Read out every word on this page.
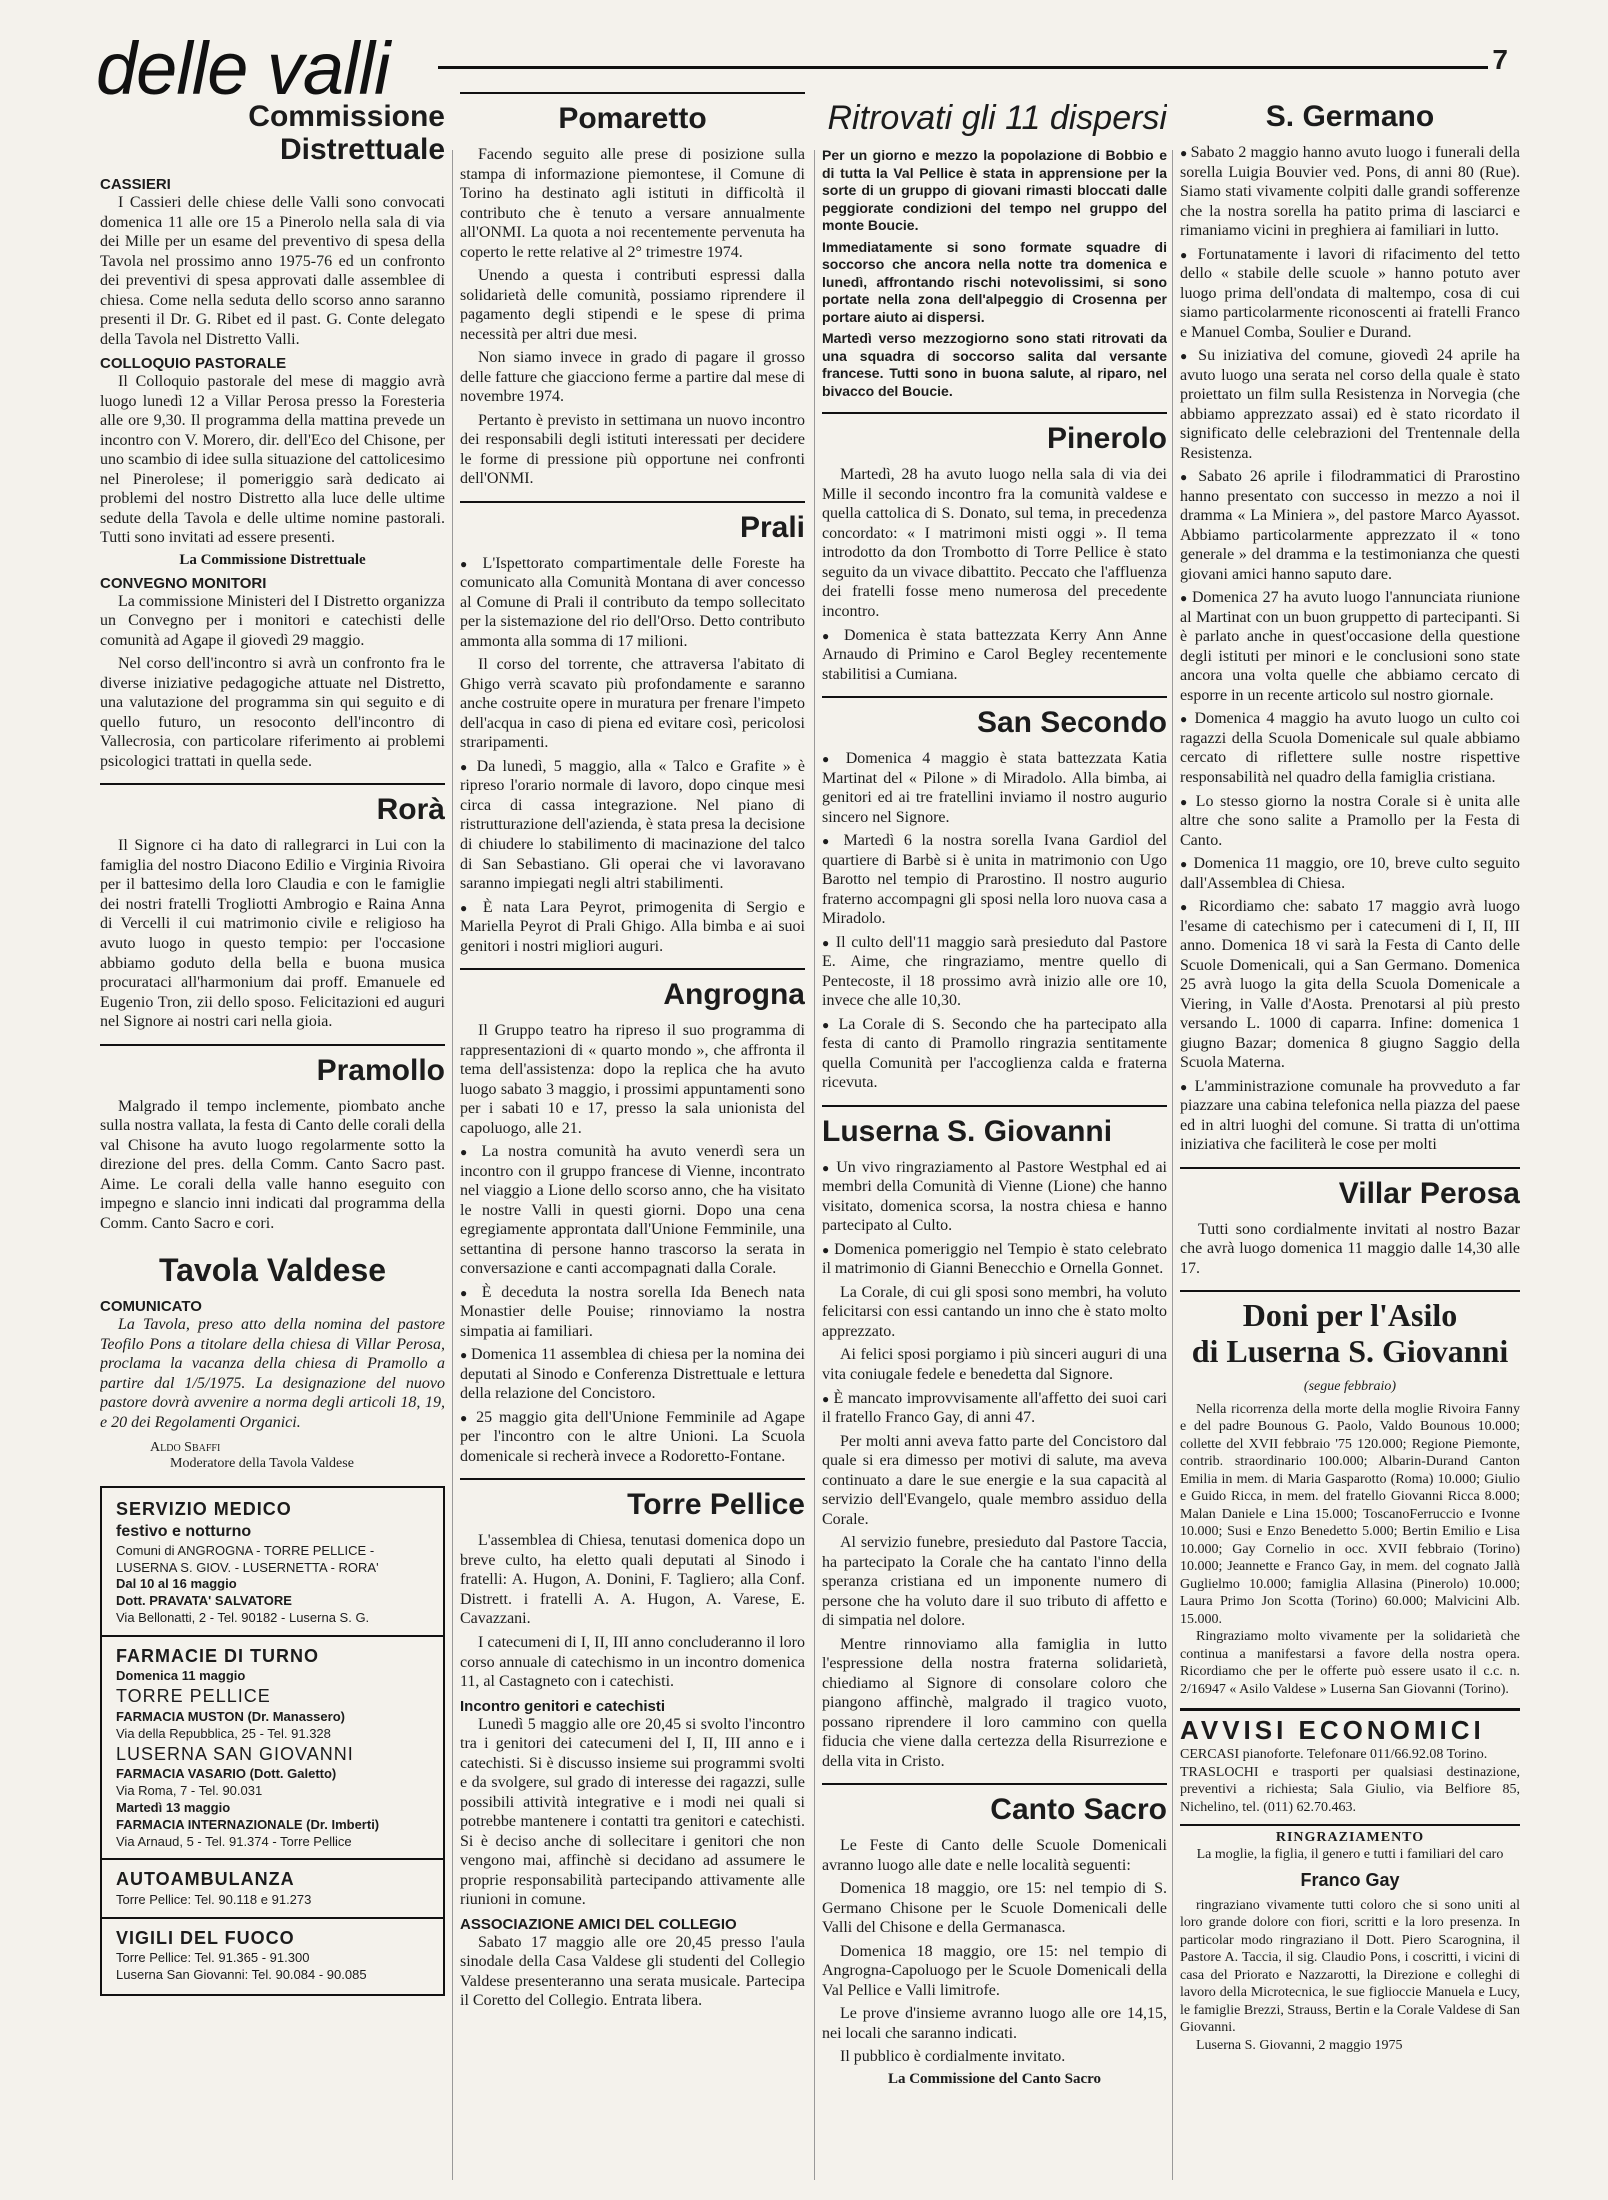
delle valli	7
Commissione Distrettuale
CASSIERI

I Cassieri delle chiese delle Valli sono convocati domenica 11 alle ore 15 a Pinerolo nella sala di via dei Mille per un esame del preventivo di spesa della Tavola nel prossimo anno 1975-76 ed un confronto dei preventivi di spesa approvati dalle assemblee di chiesa. Come nella seduta dello scorso anno saranno presenti il Dr. G. Ribet ed il past. G. Conte delegato della Tavola nel Distretto Valli.

COLLOQUIO PASTORALE

Il Colloquio pastorale del mese di maggio avrà luogo lunedì 12 a Villar Perosa presso la Foresteria alle ore 9,30. Il programma della mattina prevede un incontro con V. Morero, dir. dell'Eco del Chisone, per uno scambio di idee sulla situazione del cattolicesimo nel Pinerolese; il pomeriggio sarà dedicato ai problemi del nostro Distretto alla luce delle ultime sedute della Tavola e delle ultime nomine pastorali. Tutti sono invitati ad essere presenti.

La Commissione Distrettuale

CONVEGNO MONITORI

La commissione Ministeri del I Distretto organizza un Convegno per i monitori e catechisti delle comunità ad Agape il giovedì 29 maggio.

Nel corso dell'incontro si avrà un confronto fra le diverse iniziative pedagogiche attuate nel Distretto, una valutazione del programma sin qui seguito e di quello futuro, un resoconto dell'incontro di Vallecrosia, con particolare riferimento ai problemi psicologici trattati in quella sede.

Rorà

Il Signore ci ha dato di rallegrarci in Lui con la famiglia del nostro Diacono Edilio e Virginia Rivoira per il battesimo della loro Claudia e con le famiglie dei nostri fratelli Trogliotti Ambrogio e Raina Anna di Vercelli il cui matrimonio civile e religioso ha avuto luogo in questo tempio: per l'occasione abbiamo goduto della bella e buona musica procurataci all'harmonium dai proff. Emanuele ed Eugenio Tron, zii dello sposo. Felicitazioni ed auguri nel Signore ai nostri cari nella gioia.

Pramollo

Malgrado il tempo inclemente, piombato anche sulla nostra vallata, la festa di Canto delle corali della val Chisone ha avuto luogo regolarmente sotto la direzione del pres. della Comm. Canto Sacro past. Aime. Le corali della valle hanno eseguito con impegno e slancio inni indicati dal programma della Comm. Canto Sacro e cori.

Tavola Valdese
COMUNICATO

La Tavola, preso atto della nomina del pastore Teofilo Pons a titolare della chiesa di Villar Perosa, proclama la vacanza della chiesa di Pramollo a partire dal 1/5/1975. La designazione del nuovo pastore dovrà avvenire a norma degli articoli 18, 19, e 20 dei Regolamenti Organici.

Aldo Sbaffi
Moderatore della Tavola Valdese
SERVIZIO MEDICO
festivo e notturno
Comuni di ANGROGNA - TORRE PELLICE - LUSERNA S. GIOV. - LUSERNETTA - RORA'
Dal 10 al 16 maggio
Dott. PRAVATA' SALVATORE
Via Bellonatti, 2 - Tel. 90182 - Luserna S. G.
FARMACIE DI TURNO
Domenica 11 maggio
TORRE PELLICE
FARMACIA MUSTON (Dr. Manassero)
Via della Repubblica, 25 - Tel. 91.328
LUSERNA SAN GIOVANNI
FARMACIA VASARIO (Dott. Galetto)
Via Roma, 7 - Tel. 90.031
Martedì 13 maggio
FARMACIA INTERNAZIONALE (Dr. Imberti)
Via Arnaud, 5 - Tel. 91.374 - Torre Pellice
AUTOAMBULANZA
Torre Pellice: Tel. 90.118 e 91.273
VIGILI DEL FUOCO
Torre Pellice: Tel. 91.365 - 91.300
Luserna San Giovanni: Tel. 90.084 - 90.085
Pomaretto

Facendo seguito alle prese di posizione sulla stampa di informazione piemontese, il Comune di Torino ha destinato agli istituti in difficoltà il contributo che è tenuto a versare annualmente all'ONMI. La quota a noi recentemente pervenuta ha coperto le rette relative al 2° trimestre 1974.

Unendo a questa i contributi espressi dalla solidarietà delle comunità, possiamo riprendere il pagamento degli stipendi e le spese di prima necessità per altri due mesi.

Non siamo invece in grado di pagare il grosso delle fatture che giacciono ferme a partire dal mese di novembre 1974.

Pertanto è previsto in settimana un nuovo incontro dei responsabili degli istituti interessati per decidere le forme di pressione più opportune nei confronti dell'ONMI.

Prali

● L'Ispettorato compartimentale delle Foreste ha comunicato alla Comunità Montana di aver concesso al Comune di Prali il contributo da tempo sollecitato per la sistemazione del rio dell'Orso. Detto contributo ammonta alla somma di 17 milioni.

Il corso del torrente, che attraversa l'abitato di Ghigo verrà scavato più profondamente e saranno anche costruite opere in muratura per frenare l'impeto dell'acqua in caso di piena ed evitare così, pericolosi straripamenti.

● Da lunedì, 5 maggio, alla « Talco e Grafite » è ripreso l'orario normale di lavoro, dopo cinque mesi circa di cassa integrazione. Nel piano di ristrutturazione dell'azienda, è stata presa la decisione di chiudere lo stabilimento di macinazione del talco di San Sebastiano. Gli operai che vi lavoravano saranno impiegati negli altri stabilimenti.

● È nata Lara Peyrot, primogenita di Sergio e Mariella Peyrot di Prali Ghigo. Alla bimba e ai suoi genitori i nostri migliori auguri.

Angrogna

Il Gruppo teatro ha ripreso il suo programma di rappresentazioni di « quarto mondo », che affronta il tema dell'assistenza: dopo la replica che ha avuto luogo sabato 3 maggio, i prossimi appuntamenti sono per i sabati 10 e 17, presso la sala unionista del capoluogo, alle 21.

● La nostra comunità ha avuto venerdì sera un incontro con il gruppo francese di Vienne, incontrato nel viaggio a Lione dello scorso anno, che ha visitato le nostre Valli in questi giorni. Dopo una cena egregiamente approntata dall'Unione Femminile, una settantina di persone hanno trascorso la serata in conversazione e canti accompagnati dalla Corale.

● È deceduta la nostra sorella Ida Benech nata Monastier delle Pouise; rinnoviamo la nostra simpatia ai familiari.

● Domenica 11 assemblea di chiesa per la nomina dei deputati al Sinodo e Conferenza Distrettuale e lettura della relazione del Concistoro.

● 25 maggio gita dell'Unione Femminile ad Agape per l'incontro con le altre Unioni. La Scuola domenicale si recherà invece a Rodoretto-Fontane.

Torre Pellice

L'assemblea di Chiesa, tenutasi domenica dopo un breve culto, ha eletto quali deputati al Sinodo i fratelli: A. Hugon, A. Donini, F. Tagliero; alla Conf. Distrett. i fratelli A. A. Hugon, A. Varese, E. Cavazzani.

I catecumeni di I, II, III anno concluderanno il loro corso annuale di catechismo in un incontro domenica 11, al Castagneto con i catechisti.

Incontro genitori e catechisti

Lunedì 5 maggio alle ore 20,45 si svolto l'incontro tra i genitori dei catecumeni del I, II, III anno e i catechisti. Si è discusso insieme sui programmi svolti e da svolgere, sul grado di interesse dei ragazzi, sulle possibili attività integrative e i modi nei quali si potrebbe mantenere i contatti tra genitori e catechisti. Si è deciso anche di sollecitare i genitori che non vengono mai, affinchè si decidano ad assumere le proprie responsabilità partecipando attivamente alle riunioni in comune.

ASSOCIAZIONE AMICI DEL COLLEGIO

Sabato 17 maggio alle ore 20,45 presso l'aula sinodale della Casa Valdese gli studenti del Collegio Valdese presenteranno una serata musicale. Partecipa il Coretto del Collegio. Entrata libera.

Ritrovati gli 11 dispersi

Per un giorno e mezzo la popolazione di Bobbio e di tutta la Val Pellice è stata in apprensione per la sorte di un gruppo di giovani rimasti bloccati dalle peggiorate condizioni del tempo nel gruppo del monte Boucie.

Immediatamente si sono formate squadre di soccorso che ancora nella notte tra domenica e lunedì, affrontando rischi notevolissimi, si sono portate nella zona dell'alpeggio di Crosenna per portare aiuto ai dispersi.

Martedì verso mezzogiorno sono stati ritrovati da una squadra di soccorso salita dal versante francese. Tutti sono in buona salute, al riparo, nel bivacco del Boucie.

Pinerolo

Martedì, 28 ha avuto luogo nella sala di via dei Mille il secondo incontro fra la comunità valdese e quella cattolica di S. Donato, sul tema, in precedenza concordato: « I matrimoni misti oggi ». Il tema introdotto da don Trombotto di Torre Pellice è stato seguito da un vivace dibattito. Peccato che l'affluenza dei fratelli fosse meno numerosa del precedente incontro.

● Domenica è stata battezzata Kerry Ann Anne Arnaudo di Primino e Carol Begley recentemente stabilitisi a Cumiana.

San Secondo

● Domenica 4 maggio è stata battezzata Katia Martinat del « Pilone » di Miradolo. Alla bimba, ai genitori ed ai tre fratellini inviamo il nostro augurio sincero nel Signore.

● Martedì 6 la nostra sorella Ivana Gardiol del quartiere di Barbè si è unita in matrimonio con Ugo Barotto nel tempio di Prarostino. Il nostro augurio fraterno accompagni gli sposi nella loro nuova casa a Miradolo.

● Il culto dell'11 maggio sarà presieduto dal Pastore E. Aime, che ringraziamo, mentre quello di Pentecoste, il 18 prossimo avrà inizio alle ore 10, invece che alle 10,30.

● La Corale di S. Secondo che ha partecipato alla festa di canto di Pramollo ringrazia sentitamente quella Comunità per l'accoglienza calda e fraterna ricevuta.

Luserna S. Giovanni

● Un vivo ringraziamento al Pastore Westphal ed ai membri della Comunità di Vienne (Lione) che hanno visitato, domenica scorsa, la nostra chiesa e hanno partecipato al Culto.

● Domenica pomeriggio nel Tempio è stato celebrato il matrimonio di Gianni Benecchio e Ornella Gonnet.

La Corale, di cui gli sposi sono membri, ha voluto felicitarsi con essi cantando un inno che è stato molto apprezzato.

Ai felici sposi porgiamo i più sinceri auguri di una vita coniugale fedele e benedetta dal Signore.

● È mancato improvvisamente all'affetto dei suoi cari il fratello Franco Gay, di anni 47.

Per molti anni aveva fatto parte del Concistoro dal quale si era dimesso per motivi di salute, ma aveva continuato a dare le sue energie e la sua capacità al servizio dell'Evangelo, quale membro assiduo della Corale.

Al servizio funebre, presieduto dal Pastore Taccia, ha partecipato la Corale che ha cantato l'inno della speranza cristiana ed un imponente numero di persone che ha voluto dare il suo tributo di affetto e di simpatia nel dolore.

Mentre rinnoviamo alla famiglia in lutto l'espressione della nostra fraterna solidarietà, chiediamo al Signore di consolare coloro che piangono affinchè, malgrado il tragico vuoto, possano riprendere il loro cammino con quella fiducia che viene dalla certezza della Risurrezione e della vita in Cristo.

Canto Sacro

Le Feste di Canto delle Scuole Domenicali avranno luogo alle date e nelle località seguenti:

Domenica 18 maggio, ore 15: nel tempio di S. Germano Chisone per le Scuole Domenicali delle Valli del Chisone e della Germanasca.

Domenica 18 maggio, ore 15: nel tempio di Angrogna-Capoluogo per le Scuole Domenicali della Val Pellice e Valli limitrofe.

Le prove d'insieme avranno luogo alle ore 14,15, nei locali che saranno indicati.

Il pubblico è cordialmente invitato.

La Commissione del Canto Sacro

S. Germano

● Sabato 2 maggio hanno avuto luogo i funerali della sorella Luigia Bouvier ved. Pons, di anni 80 (Rue). Siamo stati vivamente colpiti dalle grandi sofferenze che la nostra sorella ha patito prima di lasciarci e rimaniamo vicini in preghiera ai familiari in lutto.

● Fortunatamente i lavori di rifacimento del tetto dello « stabile delle scuole » hanno potuto aver luogo prima dell'ondata di maltempo, cosa di cui siamo particolarmente riconoscenti ai fratelli Franco e Manuel Comba, Soulier e Durand.

● Su iniziativa del comune, giovedì 24 aprile ha avuto luogo una serata nel corso della quale è stato proiettato un film sulla Resistenza in Norvegia (che abbiamo apprezzato assai) ed è stato ricordato il significato delle celebrazioni del Trentennale della Resistenza.

● Sabato 26 aprile i filodrammatici di Prarostino hanno presentato con successo in mezzo a noi il dramma « La Miniera », del pastore Marco Ayassot. Abbiamo particolarmente apprezzato il « tono generale » del dramma e la testimonianza che questi giovani amici hanno saputo dare.

● Domenica 27 ha avuto luogo l'annunciata riunione al Martinat con un buon gruppetto di partecipanti. Si è parlato anche in quest'occasione della questione degli istituti per minori e le conclusioni sono state ancora una volta quelle che abbiamo cercato di esporre in un recente articolo sul nostro giornale.

● Domenica 4 maggio ha avuto luogo un culto coi ragazzi della Scuola Domenicale sul quale abbiamo cercato di riflettere sulle nostre rispettive responsabilità nel quadro della famiglia cristiana.

● Lo stesso giorno la nostra Corale si è unita alle altre che sono salite a Pramollo per la Festa di Canto.

● Domenica 11 maggio, ore 10, breve culto seguito dall'Assemblea di Chiesa.

● Ricordiamo che: sabato 17 maggio avrà luogo l'esame di catechismo per i catecumeni di I, II, III anno. Domenica 18 vi sarà la Festa di Canto delle Scuole Domenicali, qui a San Germano. Domenica 25 avrà luogo la gita della Scuola Domenicale a Viering, in Valle d'Aosta. Prenotarsi al più presto versando L. 1000 di caparra. Infine: domenica 1 giugno Bazar; domenica 8 giugno Saggio della Scuola Materna.

● L'amministrazione comunale ha provveduto a far piazzare una cabina telefonica nella piazza del paese ed in altri luoghi del comune. Si tratta di un'ottima iniziativa che faciliterà le cose per molti

Villar Perosa

Tutti sono cordialmente invitati al nostro Bazar che avrà luogo domenica 11 maggio dalle 14,30 alle 17.

Doni per l'Asilo
di Luserna S. Giovanni
(segue febbraio)

Nella ricorrenza della morte della moglie Rivoira Fanny e del padre Bounous G. Paolo, Valdo Bounous 10.000; collette del XVII febbraio '75 120.000; Regione Piemonte, contrib. straordinario 100.000; Albarin-Durand Canton Emilia in mem. di Maria Gasparotto (Roma) 10.000; Giulio e Guido Ricca, in mem. del fratello Giovanni Ricca 8.000; Malan Daniele e Lina 15.000; ToscanoFerruccio e Ivonne 10.000; Susi e Enzo Benedetto 5.000; Bertin Emilio e Lisa 10.000; Gay Cornelio in occ. XVII febbraio (Torino) 10.000; Jeannette e Franco Gay, in mem. del cognato Jallà Guglielmo 10.000; famiglia Allasina (Pinerolo) 10.000; Laura Primo Jon Scotta (Torino) 60.000; Malvicini Alb. 15.000.

Ringraziamo molto vivamente per la solidarietà che continua a manifestarsi a favore della nostra opera. Ricordiamo che per le offerte può essere usato il c.c. n. 2/16947 « Asilo Valdese » Luserna San Giovanni (Torino).

AVVISI ECONOMICI

CERCASI pianoforte. Telefonare 011/66.92.08 Torino.

TRASLOCHI e trasporti per qualsiasi destinazione, preventivi a richiesta; Sala Giulio, via Belfiore 85, Nichelino, tel. (011) 62.70.463.

RINGRAZIAMENTO

La moglie, la figlia, il genero e tutti i familiari del caro

Franco Gay

ringraziano vivamente tutti coloro che si sono uniti al loro grande dolore con fiori, scritti e la loro presenza. In particolar modo ringraziano il Dott. Piero Scarognina, il Pastore A. Taccia, il sig. Claudio Pons, i coscritti, i vicini di casa del Priorato e Nazzarotti, la Direzione e colleghi di lavoro della Microtecnica, le sue figlioccie Manuela e Lucy, le famiglie Brezzi, Strauss, Bertin e la Corale Valdese di San Giovanni.

Luserna S. Giovanni, 2 maggio 1975
